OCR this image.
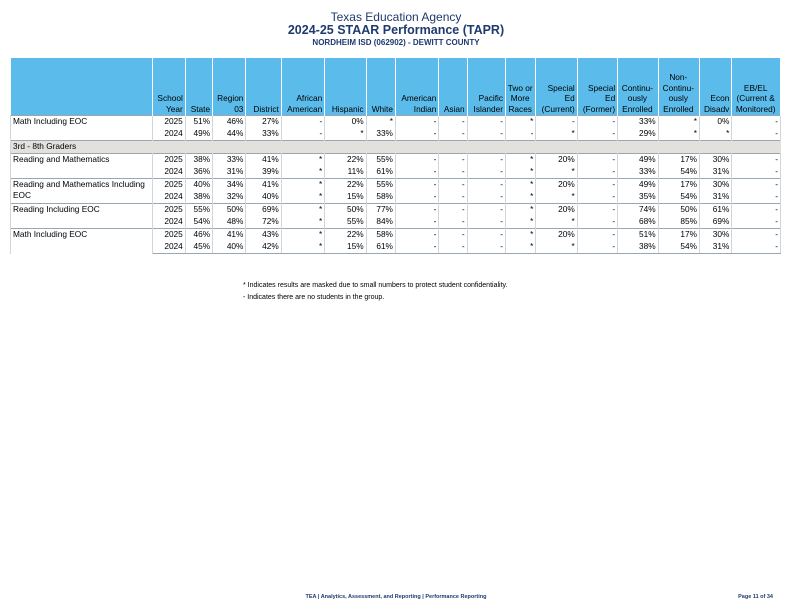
Texas Education Agency
2024-25 STAAR Performance (TAPR)
NORDHEIM ISD (062902) - DEWITT COUNTY
	School Year	State	Region 03	District	African American	Hispanic	White	American Indian	Asian	Pacific Islander	Two or More Races	Special Ed (Current)	Special Ed (Former)	Continu- ously Enrolled	Non- Continu- ously Enrolled	Econ Disadv	EB/EL (Current & Monitored)
Math Including EOC	2025	51%	46%	27%	-	0%	*	-	-	-	*	-	-	33%	*	0%	-
	2024	49%	44%	33%	-	*	33%	-	-	-	-	*	-	29%	*	*	-
3rd - 8th Graders																	
Reading and Mathematics	2025	38%	33%	41%	*	22%	55%	-	-	-	*	20%	-	49%	17%	30%	-
	2024	36%	31%	39%	*	11%	61%	-	-	-	*	*	-	33%	54%	31%	-
Reading and Mathematics Including EOC	2025	40%	34%	41%	*	22%	55%	-	-	-	*	20%	-	49%	17%	30%	-
	2024	38%	32%	40%	*	15%	58%	-	-	-	*	*	-	35%	54%	31%	-
Reading Including EOC	2025	55%	50%	69%	*	50%	77%	-	-	-	*	20%	-	74%	50%	61%	-
	2024	54%	48%	72%	*	55%	84%	-	-	-	*	*	-	68%	85%	69%	-
Math Including EOC	2025	46%	41%	43%	*	22%	58%	-	-	-	*	20%	-	51%	17%	30%	-
	2024	45%	40%	42%	*	15%	61%	-	-	-	*	*	-	38%	54%	31%	-
* Indicates results are masked due to small numbers to protect student confidentiality.
- Indicates there are no students in the group.
TEA | Analytics, Assessment, and Reporting | Performance Reporting	Page 11 of 34
